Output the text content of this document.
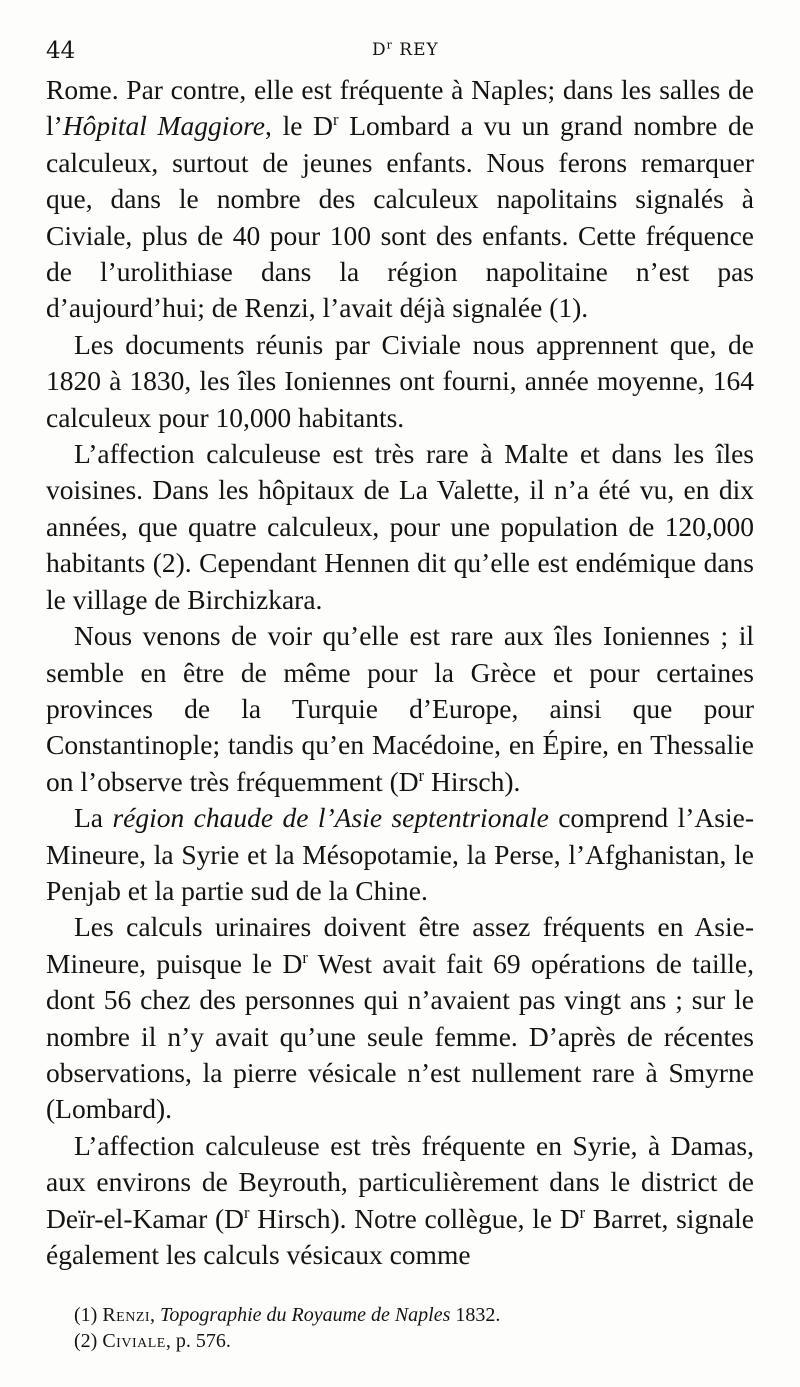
44	$D^r$ REY

Rome. Par contre, elle est fréquente à Naples; dans les salles de l’Hôpital Maggiore, le $D^r$ Lombard a vu un grand nombre de calculeux, surtout de jeunes enfants. Nous ferons remarquer que, dans le nombre des calculeux napolitains signalés à Civiale, plus de 40 pour 100 sont des enfants. Cette fréquence de l’urolithiase dans la région napolitaine n’est pas d’aujourd’hui; de Renzi, l’avait déjà signalée (1).

Les documents réunis par Civiale nous apprennent que, de 1820 à 1830, les îles Ioniennes ont fourni, année moyenne, 164 calculeux pour 10,000 habitants.

L’affection calculeuse est très rare à Malte et dans les îles voisines. Dans les hôpitaux de La Valette, il n’a été vu, en dix années, que quatre calculeux, pour une population de 120,000 habitants (2). Cependant Hennen dit qu’elle est endémique dans le village de Birchizkara.

Nous venons de voir qu’elle est rare aux îles Ioniennes ; il semble en être de même pour la Grèce et pour certaines provinces de la Turquie d’Europe, ainsi que pour Constantinople; tandis qu’en Macédoine, en Épire, en Thessalie on l’observe très fréquemment ($D^r$ Hirsch).

La région chaude de l’Asie septentrionale comprend l’Asie-Mineure, la Syrie et la Mésopotamie, la Perse, l’Afghanistan, le Penjab et la partie sud de la Chine.

Les calculs urinaires doivent être assez fréquents en Asie-Mineure, puisque le $D^r$ West avait fait 69 opérations de taille, dont 56 chez des personnes qui n’avaient pas vingt ans ; sur le nombre il n’y avait qu’une seule femme. D’après de récentes observations, la pierre vésicale n’est nullement rare à Smyrne (Lombard).

L’affection calculeuse est très fréquente en Syrie, à Damas, aux environs de Beyrouth, particulièrement dans le district de Deïr-el-Kamar ($D^r$ Hirsch). Notre collègue, le $D^r$ Barret, signale également les calculs vésicaux comme

(1) Renzi, Topographie du Royaume de Naples 1832.

(2) Civiale, p. 576.
